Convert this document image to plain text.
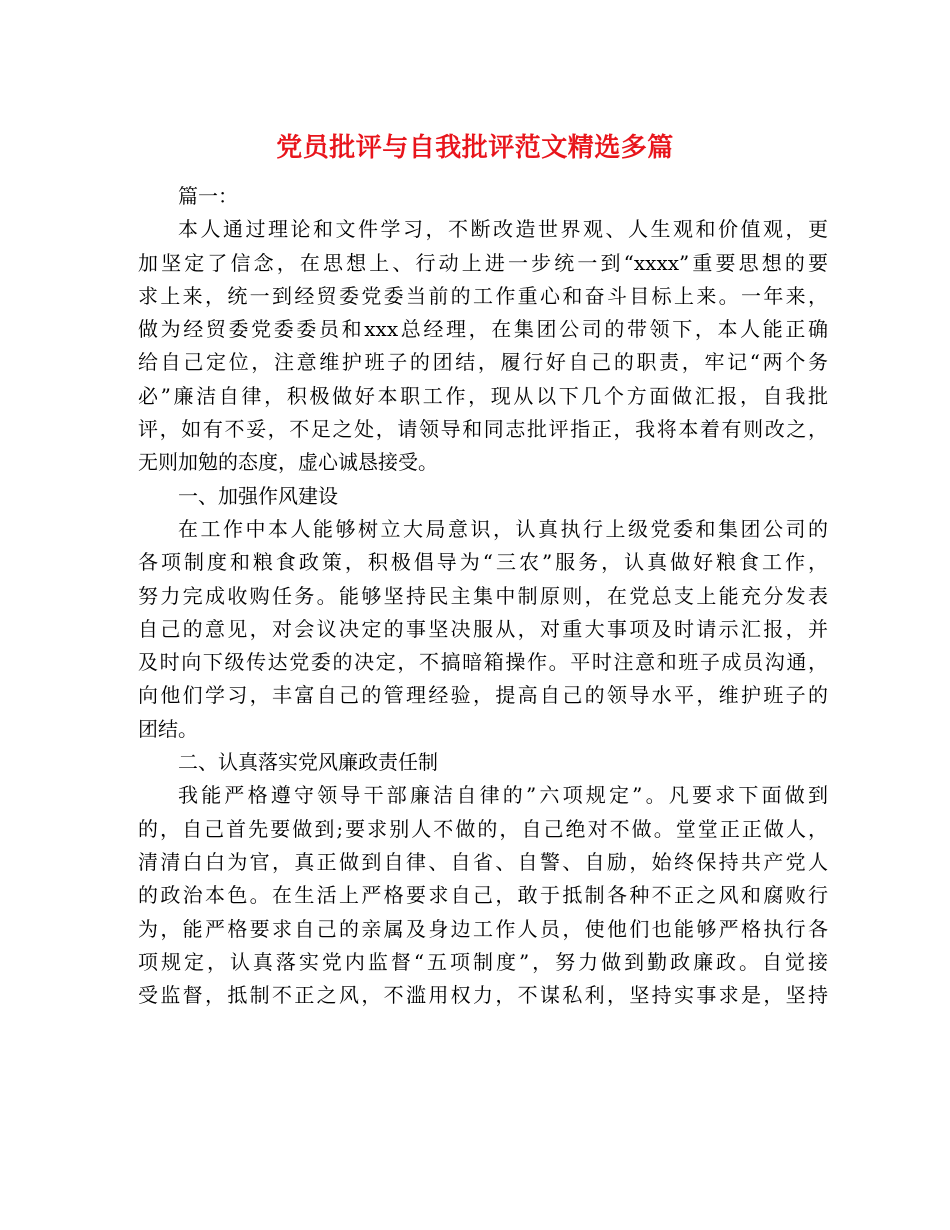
党员批评与自我批评范文精选多篇
篇一：
本人通过理论和文件学习，不断改造世界观、人生观和价值观，更
加坚定了信念，在思想上、行动上进一步统一到“xxxx”重要思想的要
求上来，统一到经贸委党委当前的工作重心和奋斗目标上来。一年来，
做为经贸委党委委员和xxx总经理，在集团公司的带领下，本人能正确
给自己定位，注意维护班子的团结，履行好自己的职责，牢记“两个务
必”廉洁自律，积极做好本职工作，现从以下几个方面做汇报，自我批
评，如有不妥，不足之处，请领导和同志批评指正，我将本着有则改之，
无则加勉的态度，虚心诚恳接受。
一、加强作风建设
在工作中本人能够树立大局意识，认真执行上级党委和集团公司的
各项制度和粮食政策，积极倡导为“三农”服务，认真做好粮食工作，
努力完成收购任务。能够坚持民主集中制原则，在党总支上能充分发表
自己的意见，对会议决定的事坚决服从，对重大事项及时请示汇报，并
及时向下级传达党委的决定，不搞暗箱操作。平时注意和班子成员沟通，
向他们学习，丰富自己的管理经验，提高自己的领导水平，维护班子的
团结。
二、认真落实党风廉政责任制
我能严格遵守领导干部廉洁自律的”六项规定”。凡要求下面做到
的，自己首先要做到;要求别人不做的，自己绝对不做。堂堂正正做人，
清清白白为官，真正做到自律、自省、自警、自励，始终保持共产党人
的政治本色。在生活上严格要求自己，敢于抵制各种不正之风和腐败行
为，能严格要求自己的亲属及身边工作人员，使他们也能够严格执行各
项规定，认真落实党内监督“五项制度”，努力做到勤政廉政。自觉接
受监督，抵制不正之风，不滥用权力，不谋私利，坚持实事求是，坚持
